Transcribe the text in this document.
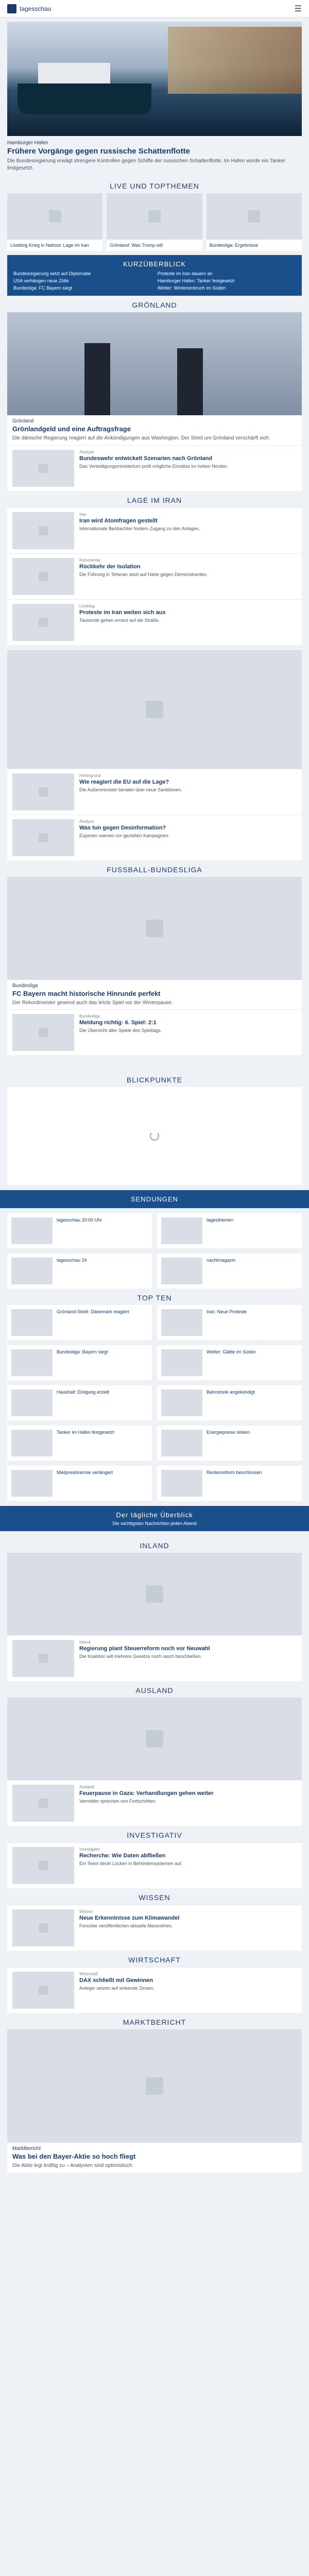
tagesschau	☰
Hamburger Hafen
Frühere Vorgänge gegen russische Schattenflotte
Die Bundesregierung erwägt strengere Kontrollen gegen Schiffe der russischen Schattenflotte. Im Hafen wurde ein Tanker festgesetzt.
LIVE UND TOPTHEMEN
Liveblog Krieg in Nahost: Lage im Iran	Grönland: Was Trump will	Bundesliga: Ergebnisse
KURZÜBERBLICK
Bundesregierung setzt auf Diplomatie	Proteste im Iran dauern an
USA verhängen neue Zölle	Hamburger Hafen: Tanker festgesetzt
Bundesliga: FC Bayern siegt	Wetter: Wintereinbruch im Süden
GRÖNLAND
Grönland
Grönlandgeld und eine Auftragsfrage
Die dänische Regierung reagiert auf die Ankündigungen aus Washington. Der Streit um Grönland verschärft sich.
Analyse
Bundeswehr entwickelt Szenarien nach Grönland
Das Verteidigungsministerium prüft mögliche Einsätze im hohen Norden.
LAGE IM IRAN
Iran
Iran wird Atomfragen gestellt
Internationale Beobachter fordern Zugang zu den Anlagen.
Kommentar
Rückkehr der Isolation
Die Führung in Teheran setzt auf Härte gegen Demonstranten.
Liveblog
Proteste im Iran weiten sich aus
Tausende gehen erneut auf die Straße.
Hintergrund
Wie reagiert die EU auf die Lage?
Die Außenminister beraten über neue Sanktionen.
Analyse
Was tun gegen Desinformation?
Experten warnen vor gezielten Kampagnen.
FUSSBALL-BUNDESLIGA
Bundesliga
FC Bayern macht historische Hinrunde perfekt
Der Rekordmeister gewinnt auch das letzte Spiel vor der Winterpause.
Bundesliga
Meldung richtig: 6. Spiel: 2:1
Die Übersicht aller Spiele des Spieltags.
BLICKPUNKTE
SENDUNGEN
tagesschau 20:00 Uhr	tagesthemen
tagesschau 24	nachtmagazin
TOP TEN
Grönland-Streit: Dänemark reagiert	Iran: Neue Proteste
Bundesliga: Bayern siegt	Wetter: Glätte im Süden
Haushalt: Einigung erzielt	Bahnstreik angekündigt
Tanker im Hafen festgesetzt	Energiepreise sinken
Mietpreisbremse verlängert	Rentenreform beschlossen
Der tägliche Überblick
Die wichtigsten Nachrichten jeden Abend
INLAND
Inland
Regierung plant Steuerreform noch vor Neuwahl
Die Koalition will mehrere Gesetze noch rasch beschließen.
AUSLAND
Ausland
Feuerpause in Gaza: Verhandlungen gehen weiter
Vermittler sprechen von Fortschritten.
INVESTIGATIV
Investigativ
Recherche: Wie Daten abfließen
Ein Team deckt Lücken in Behördensystemen auf.
WISSEN
Wissen
Neue Erkenntnisse zum Klimawandel
Forscher veröffentlichen aktuelle Messreihen.
WIRTSCHAFT
Wirtschaft
DAX schließt mit Gewinnen
Anleger setzen auf sinkende Zinsen.
MARKTBERICHT
Marktbericht
Was bei den Bayer-Aktie so hoch fliegt
Die Aktie legt kräftig zu – Analysten sind optimistisch.
